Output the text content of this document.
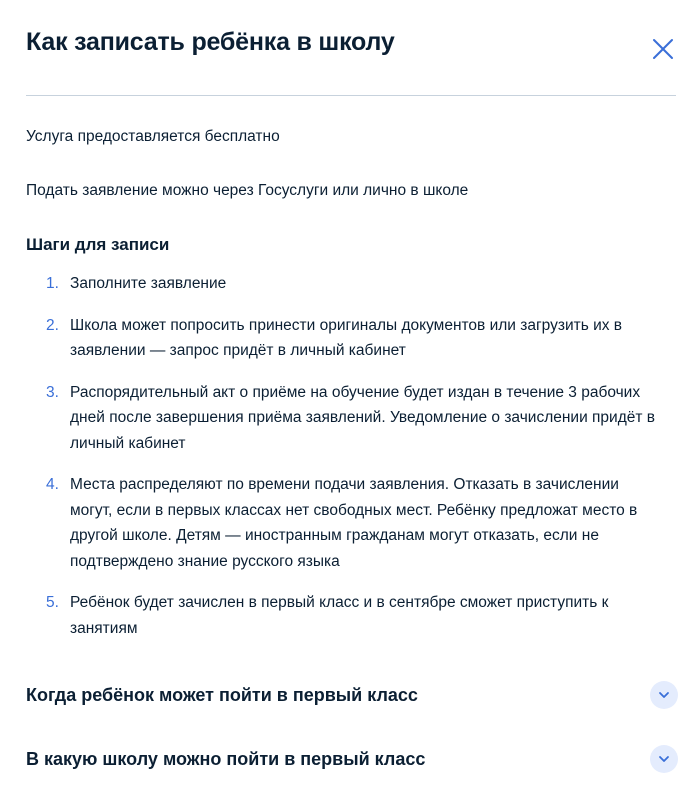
Как записать ребёнка в школу

Услуга предоставляется бесплатно

Подать заявление можно через Госуслуги или лично в школе

Шаги для записи
1. Заполните заявление
2. Школа может попросить принести оригиналы документов или загрузить их в заявлении — запрос придёт в личный кабинет
3. Распорядительный акт о приёме на обучение будет издан в течение 3 рабочих дней после завершения приёма заявлений. Уведомление о зачислении придёт в личный кабинет
4. Места распределяют по времени подачи заявления. Отказать в зачислении могут, если в первых классах нет свободных мест. Ребёнку предложат место в другой школе. Детям — иностранным гражданам могут отказать, если не подтверждено знание русского языка
5. Ребёнок будет зачислен в первый класс и в сентябре сможет приступить к занятиям
Когда ребёнок может пойти в первый класс
В какую школу можно пойти в первый класс
